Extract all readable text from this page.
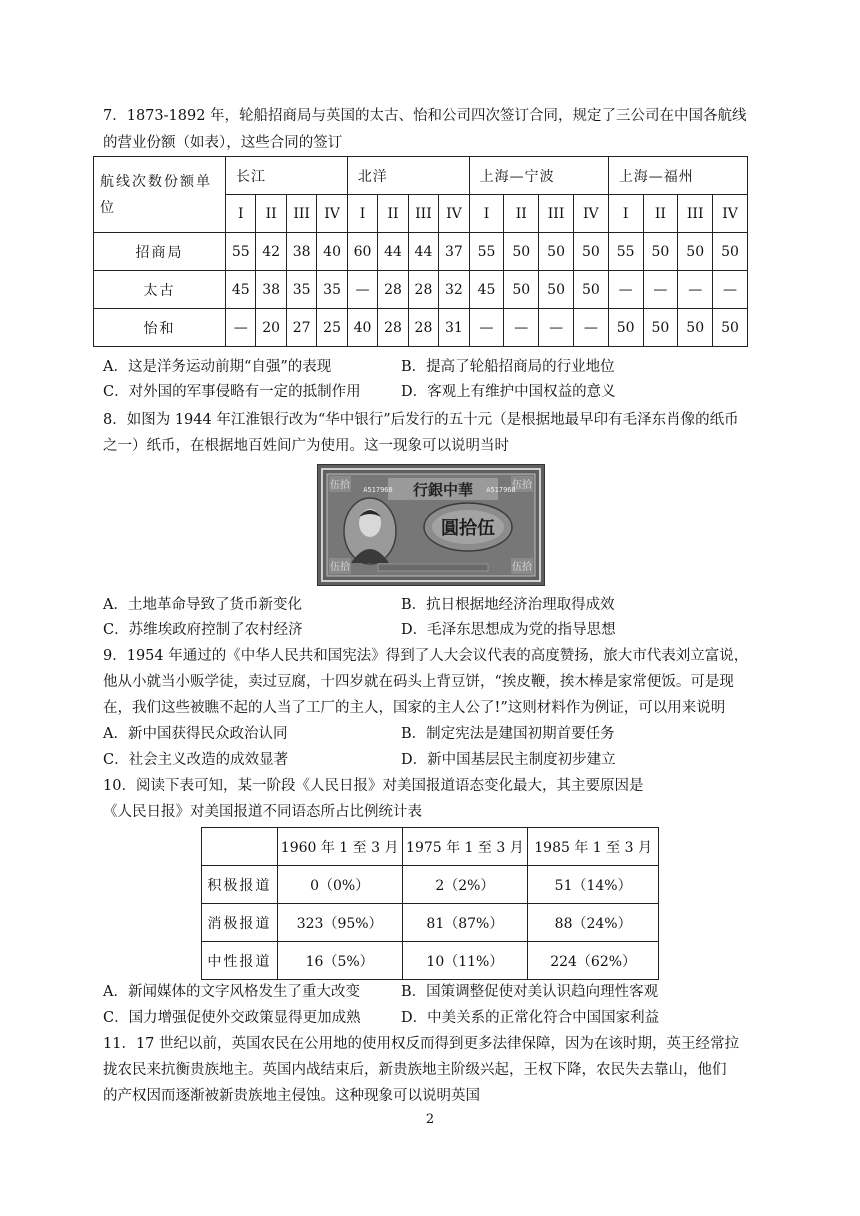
7．1873-1892 年，轮船招商局与英国的太古、怡和公司四次签订合同，规定了三公司在中国各航线
的营业份额（如表），这些合同的签订
航线次数份额单
位	长江				北洋				上海—宁波				上海—福州			
	I	II	III	IV	I	II	III	IV	I	II	III	IV	I	II	III	IV
招商局	55	42	38	40	60	44	44	37	55	50	50	50	55	50	50	50
太古	45	38	35	35	—	28	28	32	45	50	50	50	—	—	—	—
怡和	—	20	27	25	40	28	28	31	—	—	—	—	50	50	50	50
A．这是洋务运动前期“自强”的表现	B．提高了轮船招商局的行业地位
C．对外国的军事侵略有一定的抵制作用	D．客观上有维护中国权益的意义
8．如图为 1944 年江淮银行改为“华中银行”后发行的五十元（是根据地最早印有毛泽东肖像的纸币
之一）纸币，在根据地百姓间广为使用。这一现象可以说明当时
伍拾	伍拾
伍拾	伍拾
行銀中華
A517968	A517968
圓拾伍
A．土地革命导致了货币新变化	B．抗日根据地经济治理取得成效
C．苏维埃政府控制了农村经济	D．毛泽东思想成为党的指导思想
9．1954 年通过的《中华人民共和国宪法》得到了人大会议代表的高度赞扬，旅大市代表刘立富说，
他从小就当小贩学徒，卖过豆腐，十四岁就在码头上背豆饼，“挨皮鞭，挨木棒是家常便饭。可是现
在，我们这些被瞧不起的人当了工厂的主人，国家的主人公了!”这则材料作为例证，可以用来说明
A．新中国获得民众政治认同	B．制定宪法是建国初期首要任务
C．社会主义改造的成效显著	D．新中国基层民主制度初步建立
10．阅读下表可知，某一阶段《人民日报》对美国报道语态变化最大，其主要原因是
《人民日报》对美国报道不同语态所占比例统计表
	1960 年 1 至 3 月	1975 年 1 至 3 月	1985 年 1 至 3 月
积极报道	0（0%）	2（2%）	51（14%）
消极报道	323（95%）	81（87%）	88（24%）
中性报道	16（5%）	10（11%）	224（62%）
A．新闻媒体的文字风格发生了重大改变	B．国策调整促使对美认识趋向理性客观
C．国力增强促使外交政策显得更加成熟	D．中美关系的正常化符合中国国家利益
11．17 世纪以前，英国农民在公用地的使用权反而得到更多法律保障，因为在该时期，英王经常拉
拢农民来抗衡贵族地主。英国内战结束后，新贵族地主阶级兴起，王权下降，农民失去靠山，他们
的产权因而逐渐被新贵族地主侵蚀。这种现象可以说明英国
2
